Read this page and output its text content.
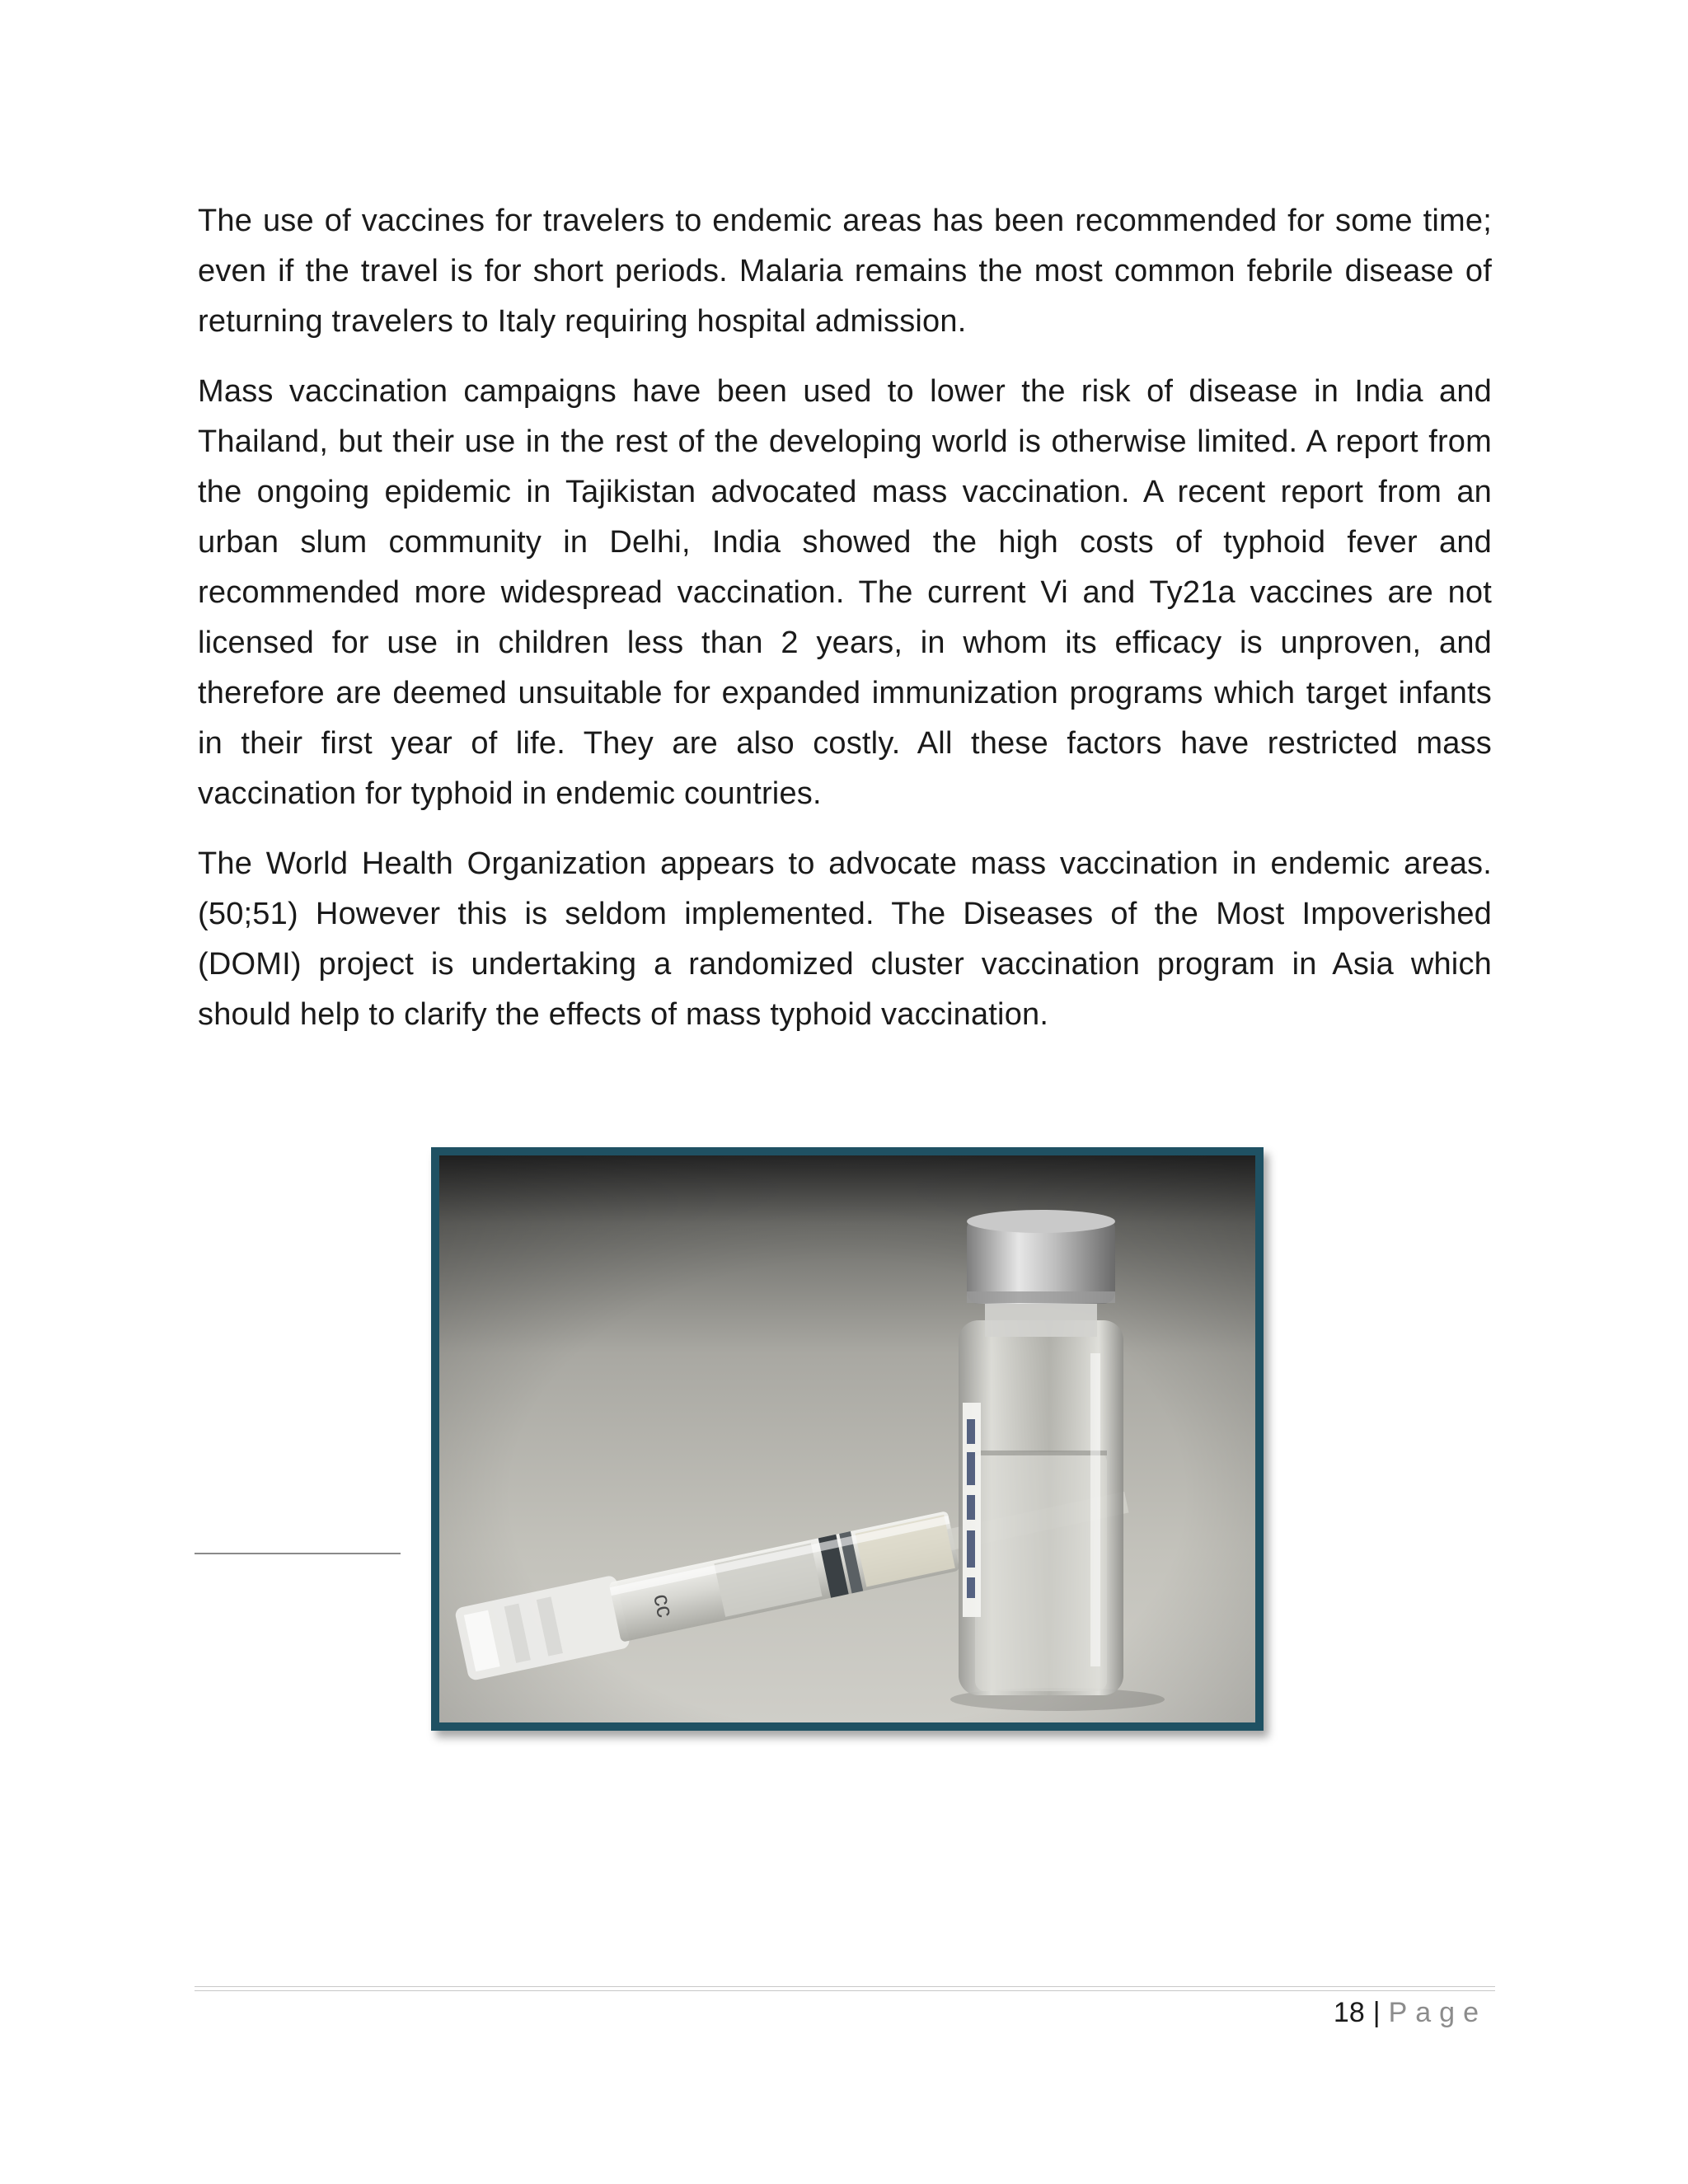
The use of vaccines for travelers to endemic areas has been recommended for some time; even if the travel is for short periods. Malaria remains the most common febrile disease of returning travelers to Italy requiring hospital admission.

Mass vaccination campaigns have been used to lower the risk of disease in India and Thailand, but their use in the rest of the developing world is otherwise limited. A report from the ongoing epidemic in Tajikistan advocated mass vaccination. A recent report from an urban slum community in Delhi, India showed the high costs of typhoid fever and recommended more widespread vaccination. The current Vi and Ty21a vaccines are not licensed for use in children less than 2 years, in whom its efficacy is unproven, and therefore are deemed unsuitable for expanded immunization programs which target infants in their first year of life. They are also costly. All these factors have restricted mass vaccination for typhoid in endemic countries.

The World Health Organization appears to advocate mass vaccination in endemic areas. (50;51) However this is seldom implemented. The Diseases of the Most Impoverished (DOMI) project is undertaking a randomized cluster vaccination program in Asia which should help to clarify the effects of mass typhoid vaccination.

cc
18 | Page
